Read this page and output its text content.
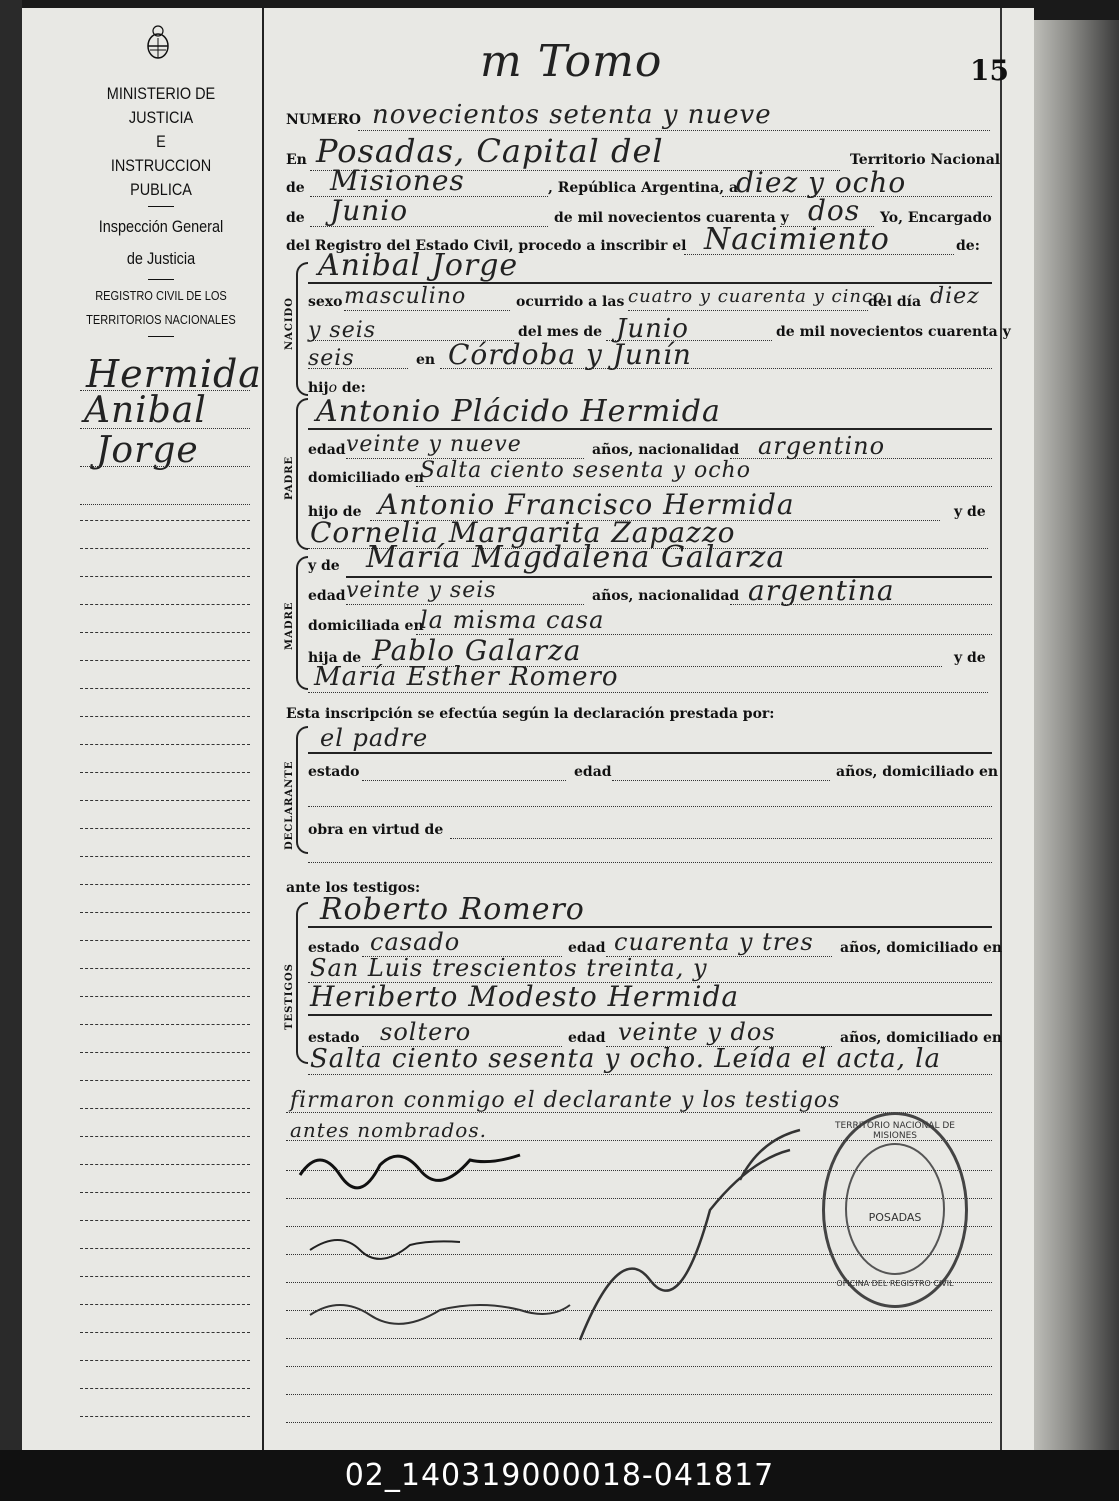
MINISTERIO DE JUSTICIA
E
INSTRUCCION PUBLICA
Inspección General
de Justicia
REGISTRO CIVIL DE LOS
TERRITORIOS NACIONALES
15
m Tomo
Hermida
Anibal
Jorge
NUMERO novecientos setenta y nueve
En Posadas, Capital del	Territorio Nacional
de Misiones	, República Argentina, a
diez y ocho
de Junio	de mil novecientos cuarenta y dos Yo, Encargado
del Registro del Estado Civil, procedo a inscribir el Nacimiento	de:
NACIDO
Anibal Jorge
sexo masculino	ocurrido a las cuatro y cuarenta y cinco
del día diez
y seis	del mes de Junio	de mil novecientos cuarenta y
seis	en Córdoba y Junín
hijo de:
PADRE
Antonio Plácido Hermida
edad veinte y nueve	años, nacionalidad argentino
domiciliado en
Salta ciento sesenta y ocho
hijo de Antonio Francisco Hermida	y de
Cornelia Margarita Zapazzo
MADRE
y de María Magdalena Galarza
edad veinte y seis	años, nacionalidad argentina
domiciliada en
la misma casa
hija de Pablo Galarza	y de
María Esther Romero
Esta inscripción se efectúa según la declaración prestada por:
DECLARANTE
el padre
estado	edad	años, domiciliado en
obra en virtud de
ante los testigos:
TESTIGOS
Roberto Romero
estado casado	edad cuarenta y tres años, domiciliado en
San Luis trescientos treinta, y
Heriberto Modesto Hermida
estado soltero	edad veinte y dos	años, domiciliado en
Salta ciento sesenta y ocho. Leída el acta, la
firmaron conmigo el declarante y los testigos
antes nombrados.	TERRITORIO NACIONAL DE MISIONES
POSADAS
OFICINA DEL REGISTRO CIVIL
02_140319000018-041817
